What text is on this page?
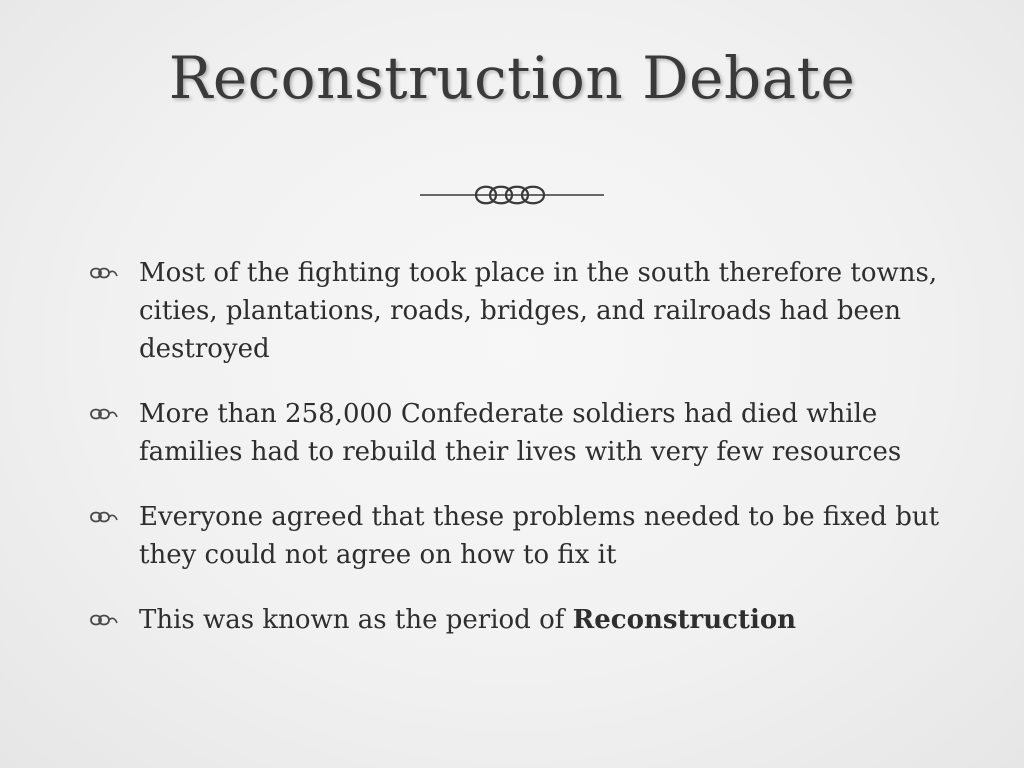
Reconstruction Debate
Most of the fighting took place in the south therefore towns, cities, plantations, roads, bridges, and railroads had been destroyed
More than 258,000 Confederate soldiers had died while families had to rebuild their lives with very few resources
Everyone agreed that these problems needed to be fixed but they could not agree on how to fix it
This was known as the period of Reconstruction
